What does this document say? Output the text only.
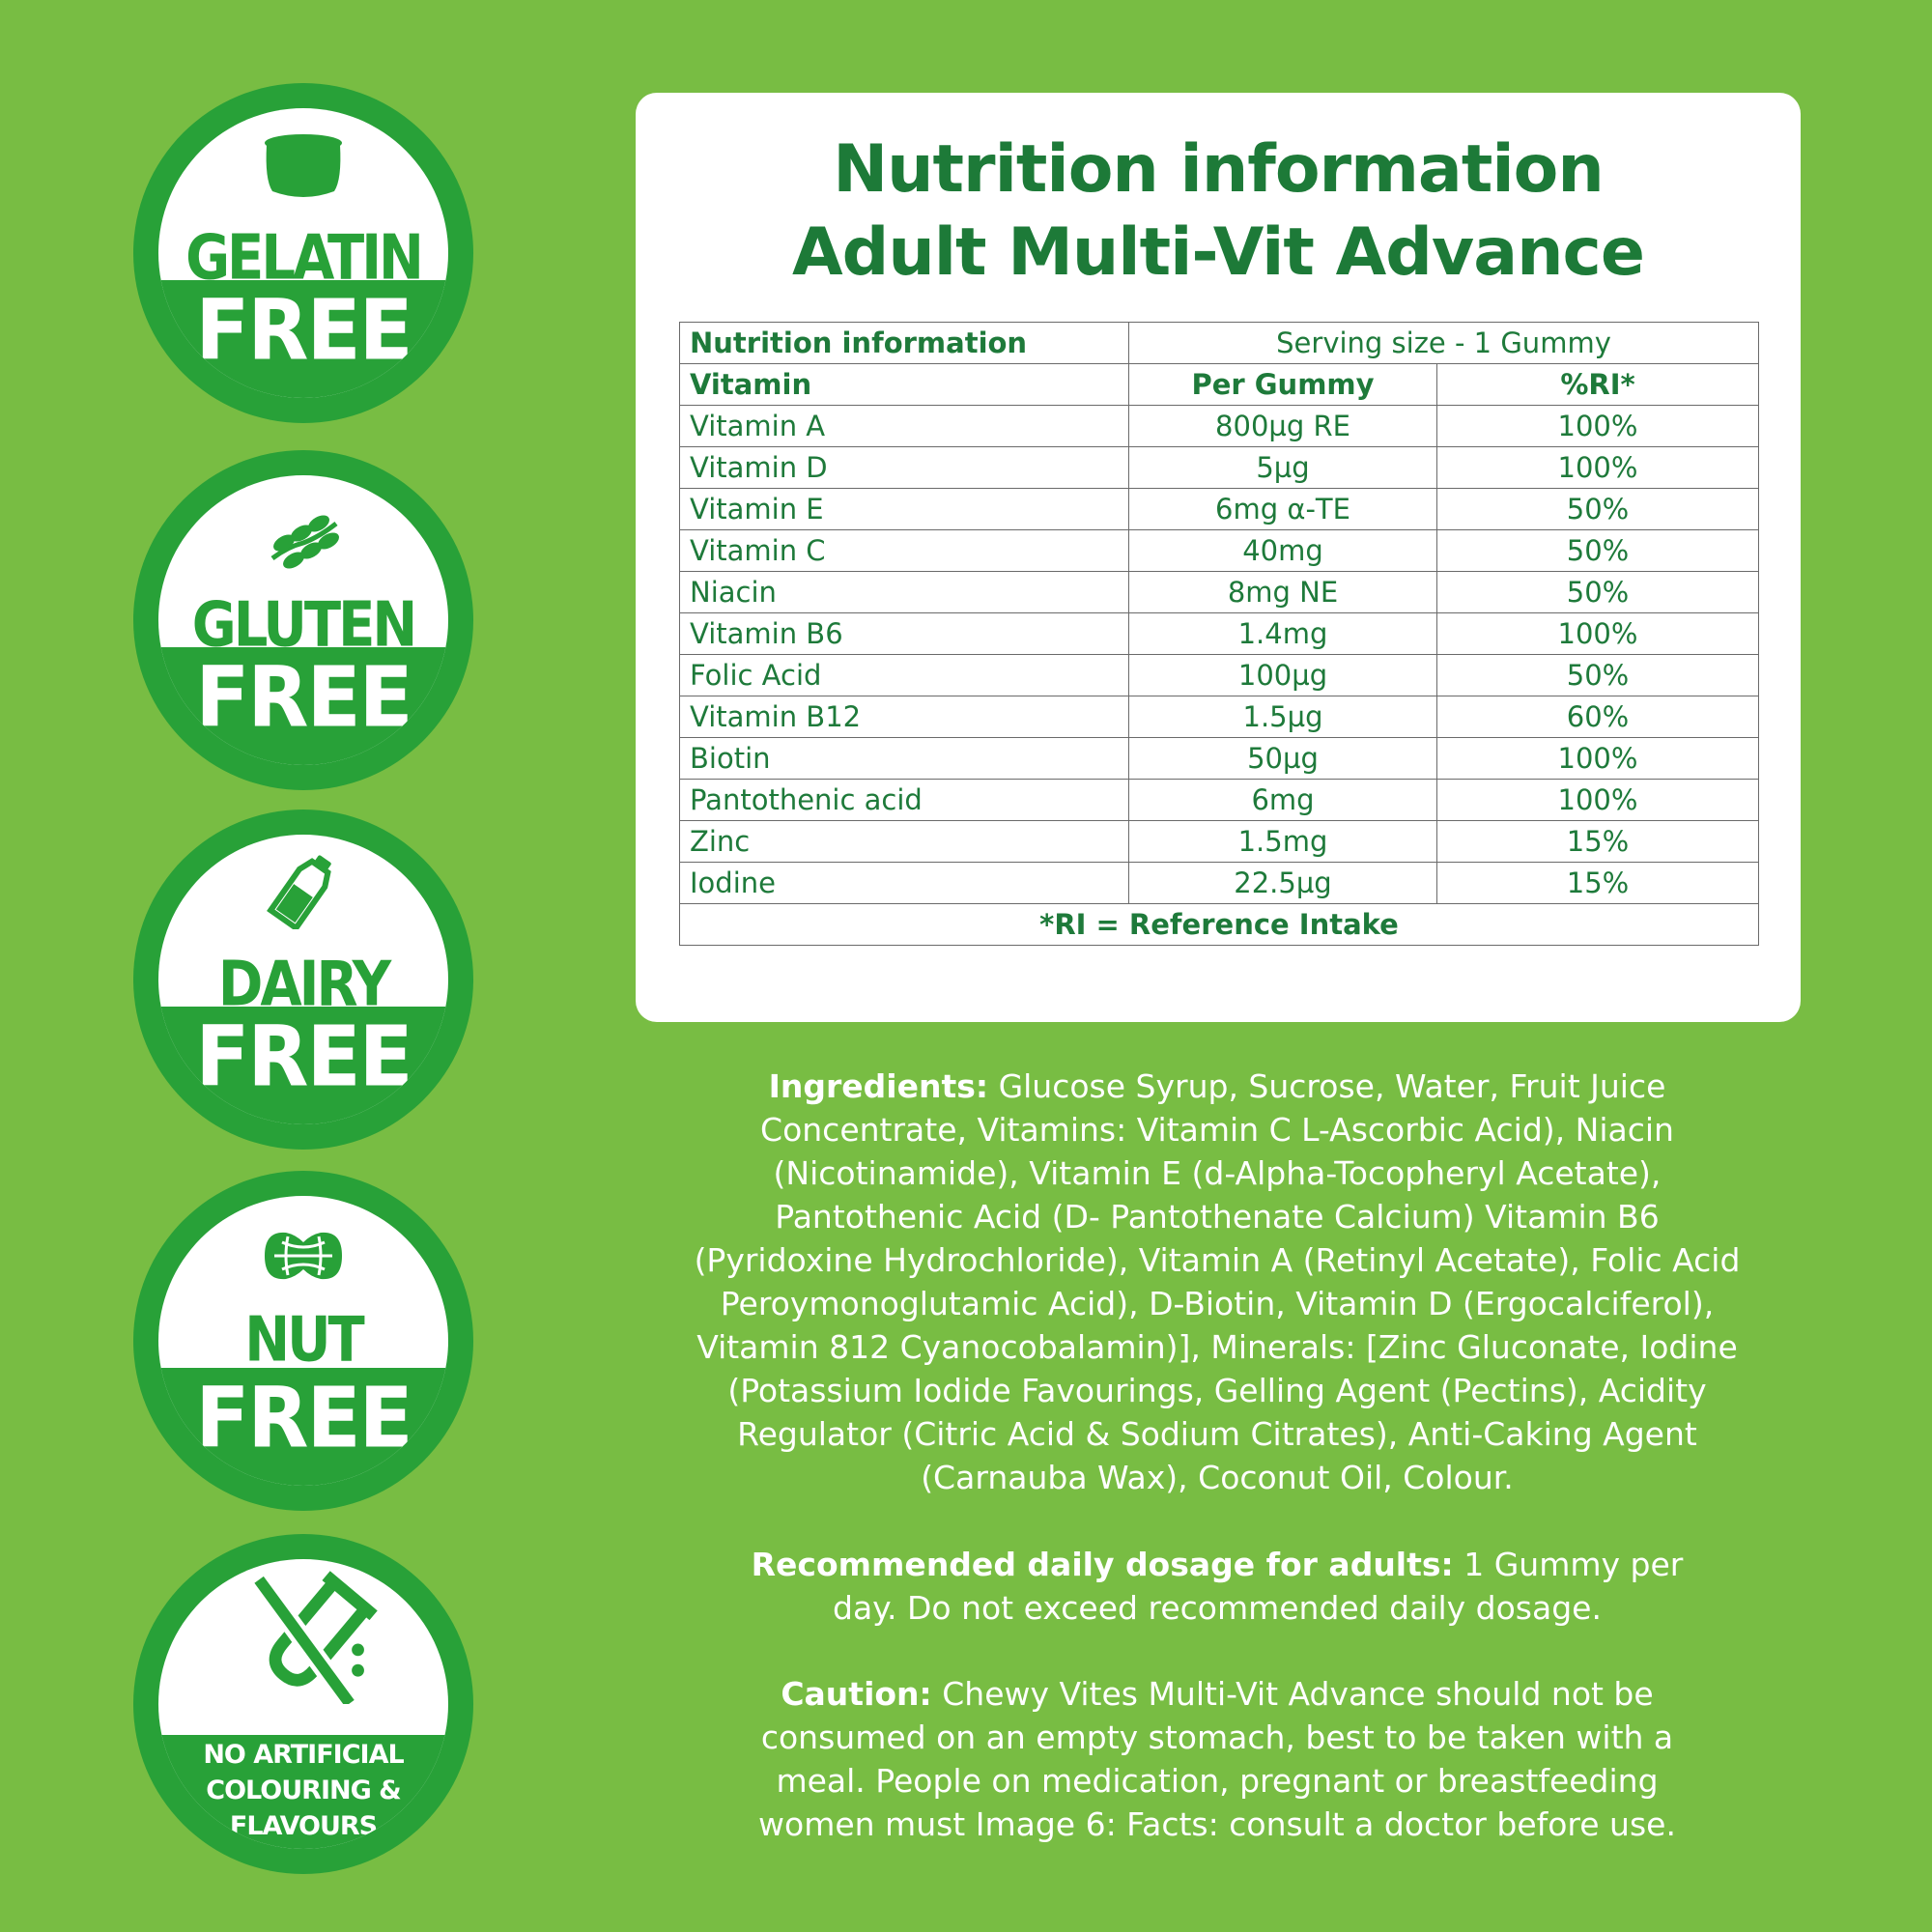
GELATIN
FREE
GLUTEN
FREE
DAIRY
FREE
NUT
FREE
NO ARTIFICIAL
COLOURING &
FLAVOURS
Nutrition information
Adult Multi-Vit Advance
Nutrition information	Serving size - 1 Gummy	
Vitamin	Per Gummy	%RI*
Vitamin A	800µg RE	100%
Vitamin D	5µg	100%
Vitamin E	6mg α-TE	50%
Vitamin C	40mg	50%
Niacin	8mg NE	50%
Vitamin B6	1.4mg	100%
Folic Acid	100µg	50%
Vitamin B12	1.5µg	60%
Biotin	50µg	100%
Pantothenic acid	6mg	100%
Zinc	1.5mg	15%
Iodine	22.5µg	15%
*RI = Reference Intake		
Ingredients: Glucose Syrup, Sucrose, Water, Fruit Juice
Concentrate, Vitamins: Vitamin C L-Ascorbic Acid), Niacin
(Nicotinamide), Vitamin E (d-Alpha-Tocopheryl Acetate),
Pantothenic Acid (D- Pantothenate Calcium) Vitamin B6
(Pyridoxine Hydrochloride), Vitamin A (Retinyl Acetate), Folic Acid
Peroymonoglutamic Acid), D-Biotin, Vitamin D (Ergocalciferol),
Vitamin 812 Cyanocobalamin)], Minerals: [Zinc Gluconate, Iodine
(Potassium Iodide Favourings, Gelling Agent (Pectins), Acidity
Regulator (Citric Acid & Sodium Citrates), Anti-Caking Agent
(Carnauba Wax), Coconut Oil, Colour.
Recommended daily dosage for adults: 1 Gummy per
day. Do not exceed recommended daily dosage.
Caution: Chewy Vites Multi-Vit Advance should not be
consumed on an empty stomach, best to be taken with a
meal. People on medication, pregnant or breastfeeding
women must Image 6: Facts: consult a doctor before use.
